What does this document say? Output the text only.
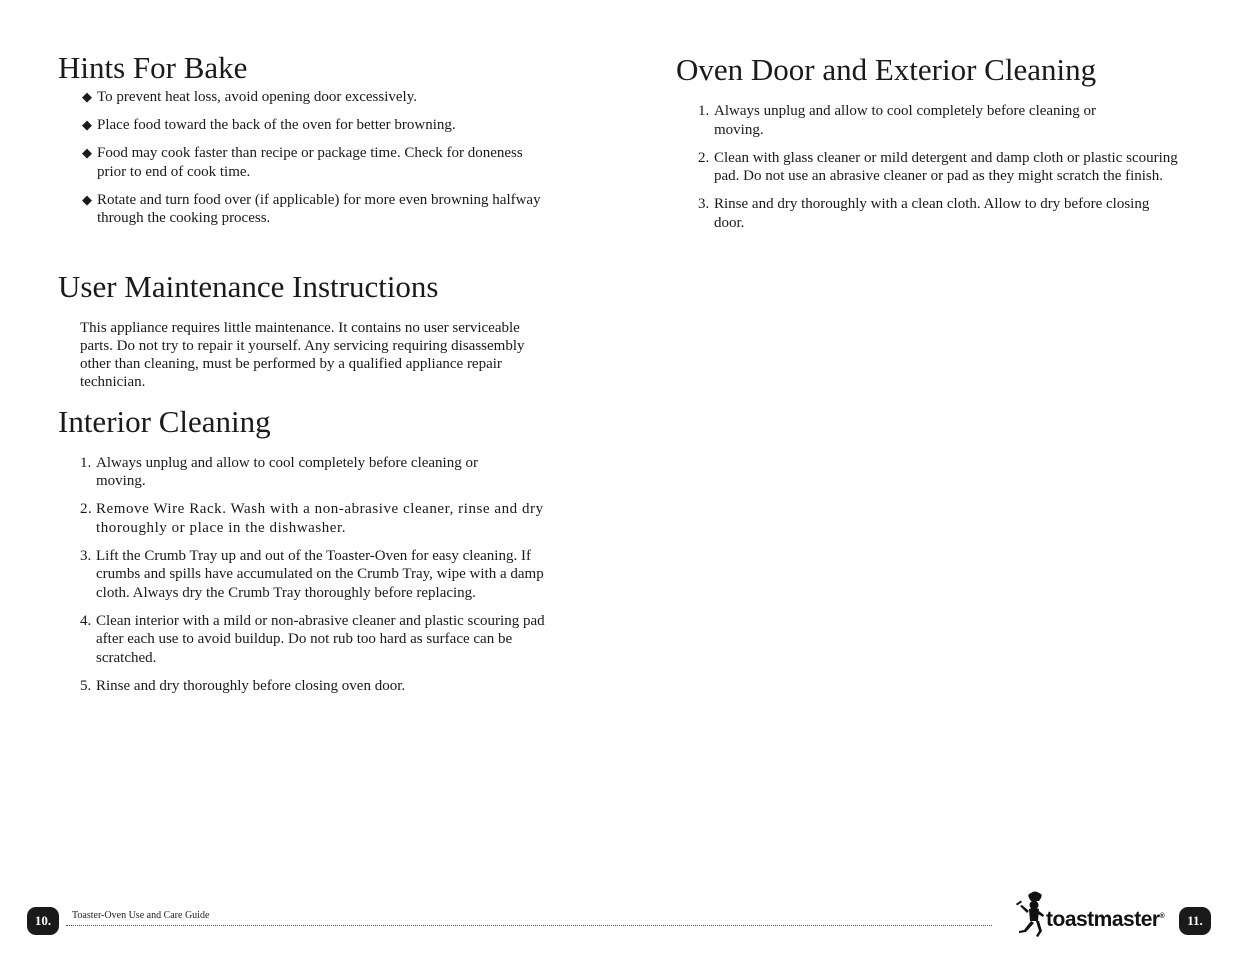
Hints For Bake
◆ To prevent heat loss, avoid opening door excessively.
◆ Place food toward the back of the oven for better browning.
◆ Food may cook faster than recipe or package time. Check for doneness prior to end of cook time.
◆ Rotate and turn food over (if applicable) for more even browning halfway through the cooking process.
User Maintenance Instructions

This appliance requires little maintenance. It contains no user serviceable parts. Do not try to repair it yourself. Any servicing requiring disassembly other than cleaning, must be performed by a qualified appliance repair technician.

Interior Cleaning
1. Always unplug and allow to cool completely before cleaning or moving.
2. Remove Wire Rack. Wash with a non-abrasive cleaner, rinse and dry thoroughly or place in the dishwasher.
3. Lift the Crumb Tray up and out of the Toaster-Oven for easy cleaning. If crumbs and spills have accumulated on the Crumb Tray, wipe with a damp cloth. Always dry the Crumb Tray thoroughly before replacing.
4. Clean interior with a mild or non-abrasive cleaner and plastic scouring pad after each use to avoid buildup. Do not rub too hard as surface can be scratched.
5. Rinse and dry thoroughly before closing oven door.
Oven Door and Exterior Cleaning
1. Always unplug and allow to cool completely before cleaning or moving.
2. Clean with glass cleaner or mild detergent and damp cloth or plastic scouring pad. Do not use an abrasive cleaner or pad as they might scratch the finish.
3. Rinse and dry thoroughly with a clean cloth. Allow to dry before closing door.
10.	Toaster-Oven Use and Care Guide	toastmaster®	11.
